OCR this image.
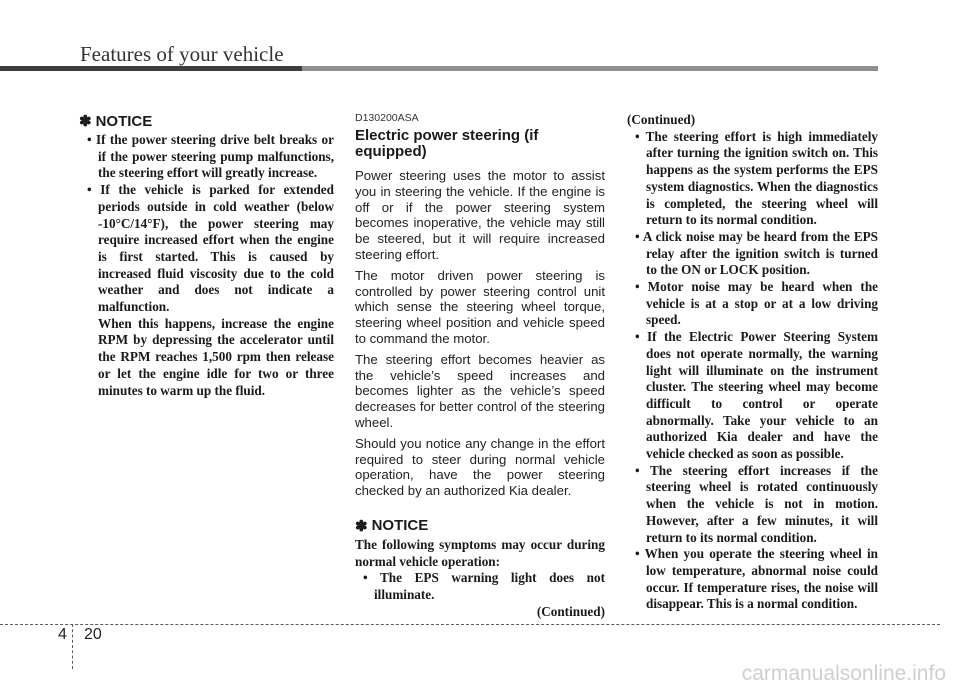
Features of your vehicle
✽ NOTICE
• If the power steering drive belt breaks or if the power steering pump malfunctions, the steering effort will greatly increase.
• If the vehicle is parked for extended periods outside in cold weather (below -10°C/14°F), the power steering may require increased effort when the engine is first started. This is caused by increased fluid viscosity due to the cold weather and does not indicate a malfunction.
When this happens, increase the engine RPM by depressing the accelerator until the RPM reaches 1,500 rpm then release or let the engine idle for two or three minutes to warm up the fluid.
D130200ASA
Electric power steering (if equipped)

Power steering uses the motor to assist you in steering the vehicle. If the engine is off or if the power steering system becomes inoperative, the vehicle may still be steered, but it will require increased steering effort.

The motor driven power steering is controlled by power steering control unit which sense the steering wheel torque, steering wheel position and vehicle speed to command the motor.

The steering effort becomes heavier as the vehicle’s speed increases and becomes lighter as the vehicle’s speed decreases for better control of the steering wheel.

Should you notice any change in the effort required to steer during normal vehicle operation, have the power steering checked by an authorized Kia dealer.

✽ NOTICE
The following symptoms may occur during normal vehicle operation:
• The EPS warning light does not illuminate.
(Continued)
(Continued)
• The steering effort is high immediately after turning the ignition switch on. This happens as the system performs the EPS system diagnostics. When the diagnostics is completed, the steering wheel will return to its normal condition.
• A click noise may be heard from the EPS relay after the ignition switch is turned to the ON or LOCK position.
• Motor noise may be heard when the vehicle is at a stop or at a low driving speed.
• If the Electric Power Steering System does not operate normally, the warning light will illuminate on the instrument cluster. The steering wheel may become difficult to control or operate abnormally. Take your vehicle to an authorized Kia dealer and have the vehicle checked as soon as possible.
• The steering effort increases if the steering wheel is rotated continuously when the vehicle is not in motion. However, after a few minutes, it will return to its normal condition.
• When you operate the steering wheel in low temperature, abnormal noise could occur. If temperature rises, the noise will disappear. This is a normal condition.
4 20
carmanualsonline.info
